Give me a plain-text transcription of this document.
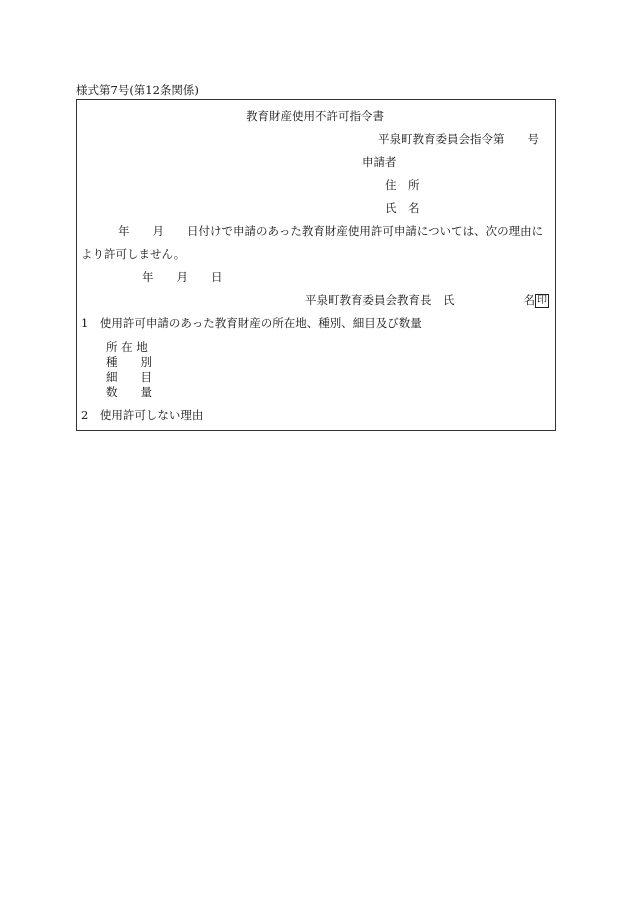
様式第7号(第12条関係)
教育財産使用不許可指令書
平泉町教育委員会指令第　　号
申請者
住　所
氏　名
年　　月　　日付けで申請のあった教育財産使用許可申請については、次の理由に
より許可しません。
年　　月　　日
平泉町教育委員会教育長　氏　　　　　　名 印
1　使用許可申請のあった教育財産の所在地、種別、細目及び数量
所 在 地
種　　別
細　　目
数　　量
2　使用許可しない理由
